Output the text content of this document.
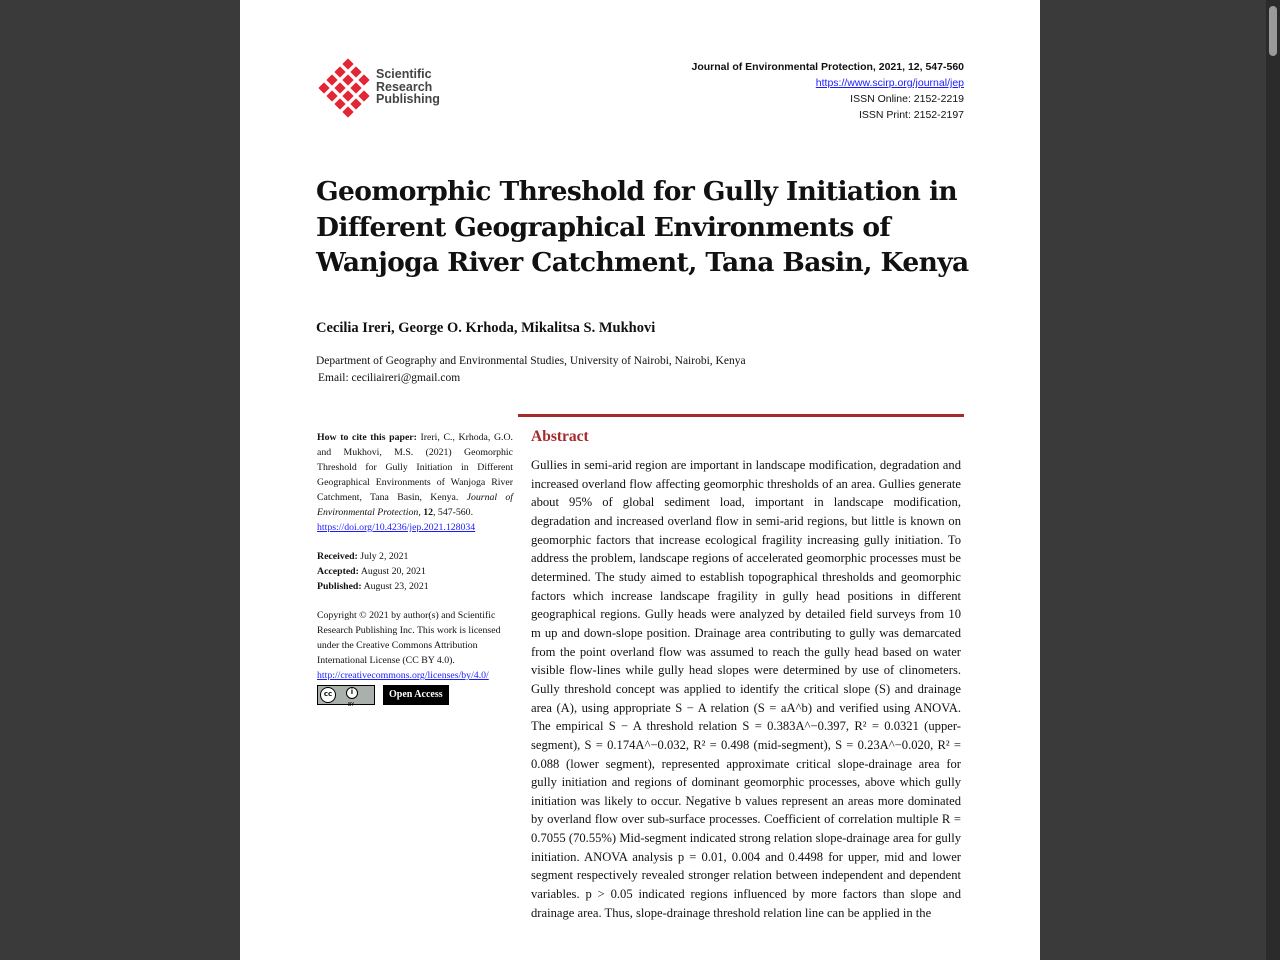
Scientific
Research
Publishing
Journal of Environmental Protection, 2021, 12, 547-560
https://www.scirp.org/journal/jep
ISSN Online: 2152-2219
ISSN Print: 2152-2197
Geomorphic Threshold for Gully Initiation in Different Geographical Environments of Wanjoga River Catchment, Tana Basin, Kenya
Cecilia Ireri, George O. Krhoda, Mikalitsa S. Mukhovi
Department of Geography and Environmental Studies, University of Nairobi, Nairobi, Kenya
Email: ceciliaireri@gmail.com
How to cite this paper: Ireri, C., Krhoda, G.O. and Mukhovi, M.S. (2021) Geomorphic Threshold for Gully Initiation in Different Geographical Environments of Wanjoga River Catchment, Tana Basin, Kenya. Journal of Environmental Protection, 12, 547-560.
https://doi.org/10.4236/jep.2021.128034
Received: July 2, 2021
Accepted: August 20, 2021
Published: August 23, 2021
Copyright © 2021 by author(s) and Scientific Research Publishing Inc. This work is licensed under the Creative Commons Attribution International License (CC BY 4.0).
http://creativecommons.org/licenses/by/4.0/
cc	i
BY
Open Access
Abstract
Gullies in semi-arid region are important in landscape modification, degradation and increased overland flow affecting geomorphic thresholds of an area. Gullies generate about 95% of global sediment load, important in landscape modification, degradation and increased overland flow in semi-arid regions, but little is known on geomorphic factors that increase ecological fragility increasing gully initiation. To address the problem, landscape regions of accelerated geomorphic processes must be determined. The study aimed to establish topographical thresholds and geomorphic factors which increase landscape fragility in gully head positions in different geographical regions. Gully heads were analyzed by detailed field surveys from 10 m up and down-slope position. Drainage area contributing to gully was demarcated from the point overland flow was assumed to reach the gully head based on water visible flow-lines while gully head slopes were determined by use of clinometers. Gully threshold concept was applied to identify the critical slope (S) and drainage area (A), using appropriate S − A relation (S = aA^b) and verified using ANOVA. The empirical S − A threshold relation S = 0.383A^−0.397, R² = 0.0321 (upper-segment), S = 0.174A^−0.032, R² = 0.498 (mid-segment), S = 0.23A^−0.020, R² = 0.088 (lower segment), represented approximate critical slope-drainage area for gully initiation and regions of dominant geomorphic processes, above which gully initiation was likely to occur. Negative b values represent an areas more dominated by overland flow over sub-surface processes. Coefficient of correlation multiple R = 0.7055 (70.55%) Mid-segment indicated strong relation slope-drainage area for gully initiation. ANOVA analysis p = 0.01, 0.004 and 0.4498 for upper, mid and lower segment respectively revealed stronger relation between independent and dependent variables. p > 0.05 indicated regions influenced by more factors than slope and drainage area. Thus, slope-drainage threshold relation line can be applied in the
